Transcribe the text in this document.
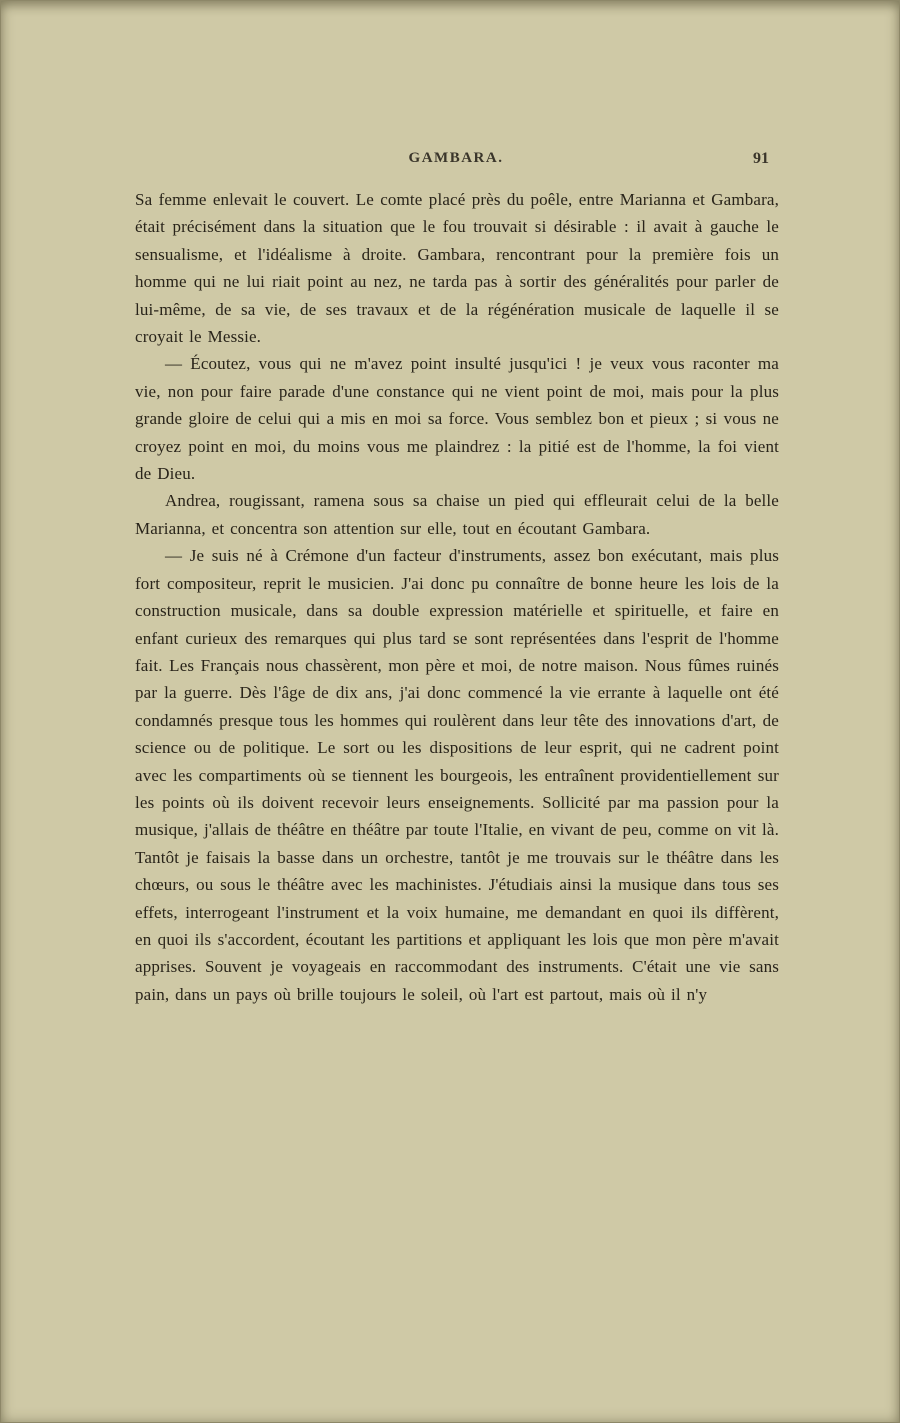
GAMBARA.	91

Sa femme enlevait le couvert. Le comte placé près du poêle, entre Marianna et Gambara, était précisément dans la situation que le fou trouvait si désirable : il avait à gauche le sensualisme, et l'idéalisme à droite. Gambara, rencontrant pour la première fois un homme qui ne lui riait point au nez, ne tarda pas à sortir des généralités pour parler de lui-même, de sa vie, de ses travaux et de la régénération musicale de laquelle il se croyait le Messie.

— Écoutez, vous qui ne m'avez point insulté jusqu'ici ! je veux vous raconter ma vie, non pour faire parade d'une constance qui ne vient point de moi, mais pour la plus grande gloire de celui qui a mis en moi sa force. Vous semblez bon et pieux ; si vous ne croyez point en moi, du moins vous me plaindrez : la pitié est de l'homme, la foi vient de Dieu.

Andrea, rougissant, ramena sous sa chaise un pied qui effleurait celui de la belle Marianna, et concentra son attention sur elle, tout en écoutant Gambara.

— Je suis né à Crémone d'un facteur d'instruments, assez bon exécutant, mais plus fort compositeur, reprit le musicien. J'ai donc pu connaître de bonne heure les lois de la construction musicale, dans sa double expression matérielle et spirituelle, et faire en enfant curieux des remarques qui plus tard se sont représentées dans l'esprit de l'homme fait. Les Français nous chassèrent, mon père et moi, de notre maison. Nous fûmes ruinés par la guerre. Dès l'âge de dix ans, j'ai donc commencé la vie errante à laquelle ont été condamnés presque tous les hommes qui roulèrent dans leur tête des innovations d'art, de science ou de politique. Le sort ou les dispositions de leur esprit, qui ne cadrent point avec les compartiments où se tiennent les bourgeois, les entraînent providentiellement sur les points où ils doivent recevoir leurs enseignements. Sollicité par ma passion pour la musique, j'allais de théâtre en théâtre par toute l'Italie, en vivant de peu, comme on vit là. Tantôt je faisais la basse dans un orchestre, tantôt je me trouvais sur le théâtre dans les chœurs, ou sous le théâtre avec les machinistes. J'étudiais ainsi la musique dans tous ses effets, interrogeant l'instrument et la voix humaine, me demandant en quoi ils diffèrent, en quoi ils s'accordent, écoutant les partitions et appliquant les lois que mon père m'avait apprises. Souvent je voyageais en raccommodant des instruments. C'était une vie sans pain, dans un pays où brille toujours le soleil, où l'art est partout, mais où il n'y
